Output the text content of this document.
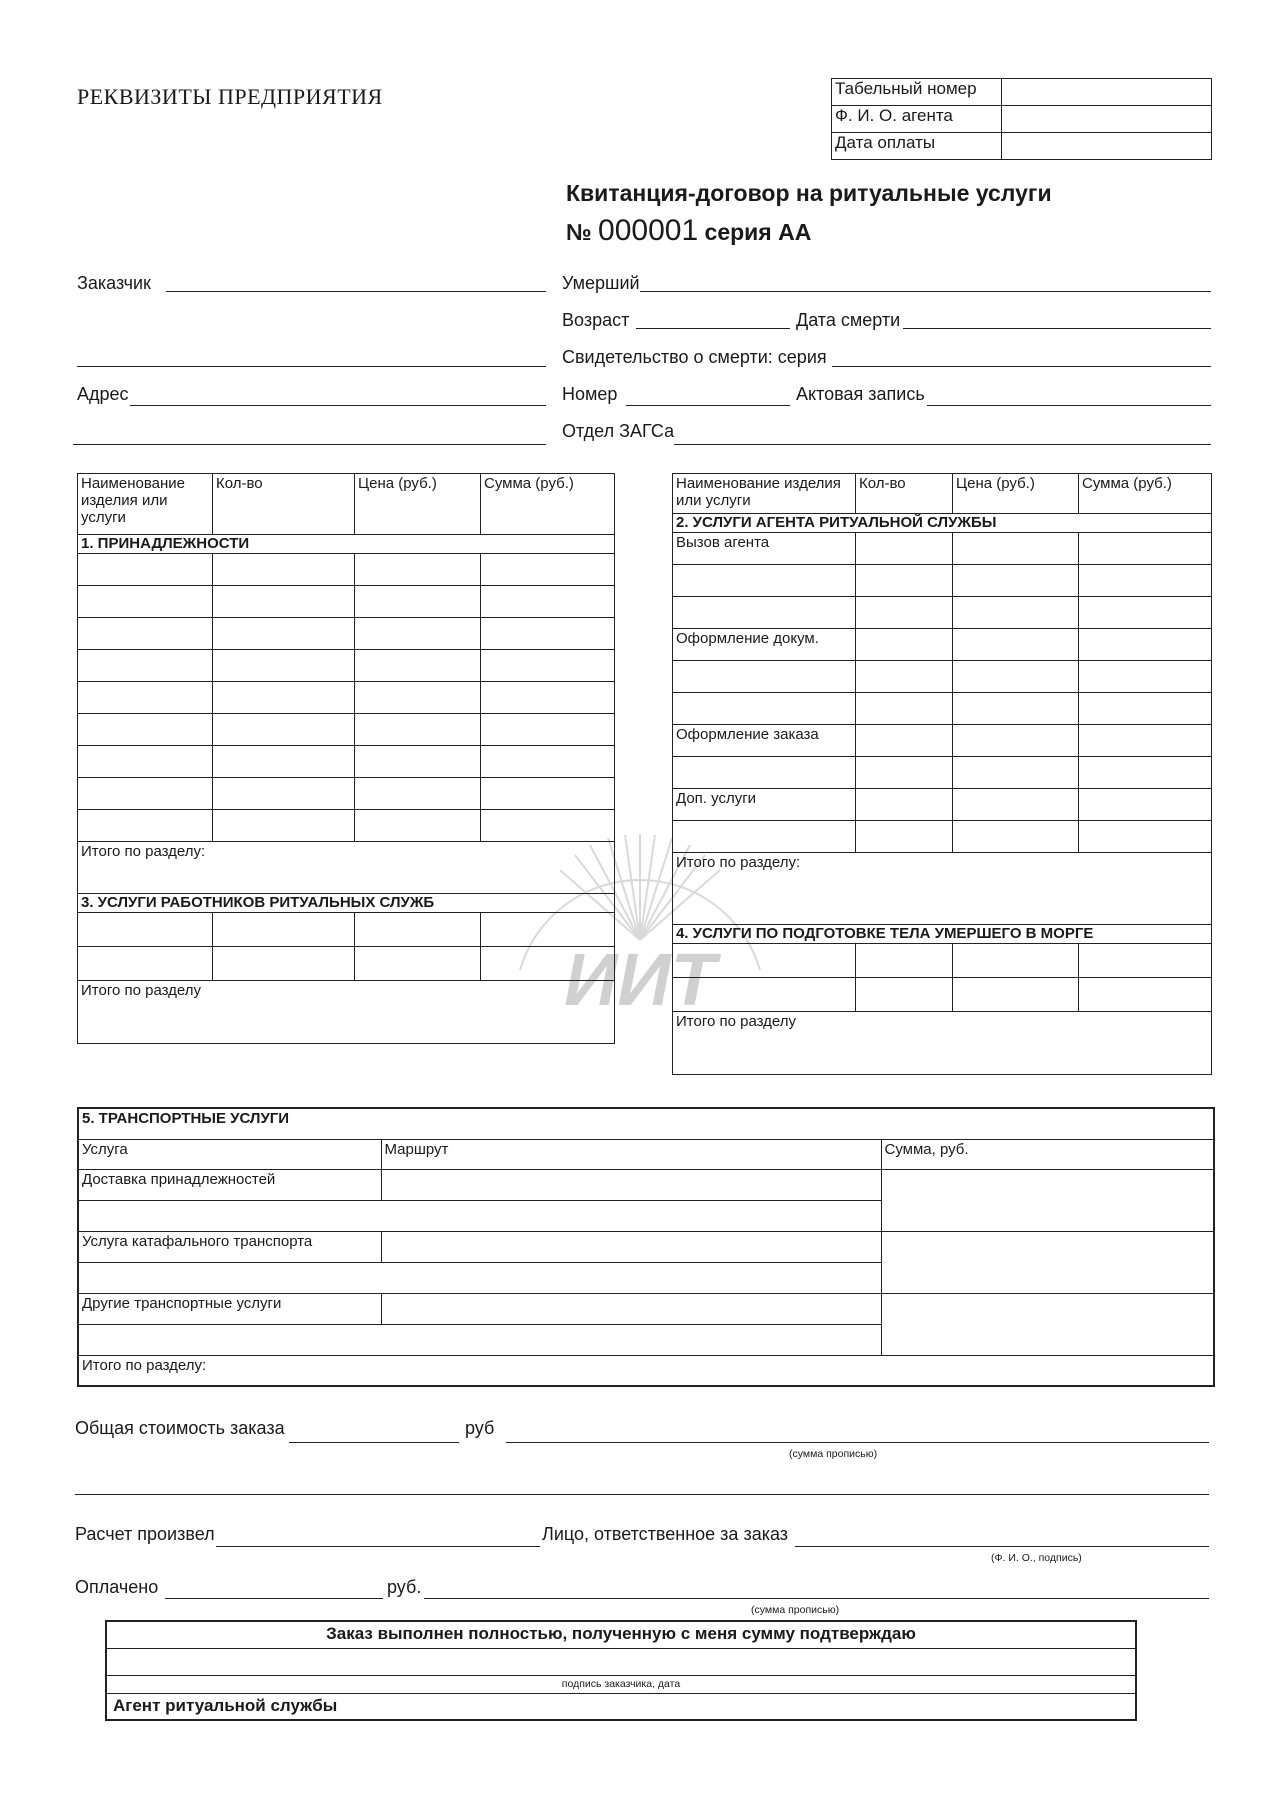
ИИТ
РЕКВИЗИТЫ ПРЕДПРИЯТИЯ	Табельный номер	
Ф. И. О. агента	
Дата оплаты	
Квитанция-договор на ритуальные услуги
№ 000001 серия АА
Заказчик
Адрес
Умерший
Возраст	Дата смерти
Свидетельство о смерти: серия
Номер	Актовая запись
Отдел ЗАГСа
Наименование изделия или услуги	Кол-во	Цена (руб.)	Сумма (руб.)
1. ПРИНАДЛЕЖНОСТИ			

Итого по разделу:			
3. УСЛУГИ РАБОТНИКОВ РИТУАЛЬНЫХ СЛУЖБ			

Итого по разделу			
Наименование изделия или услуги	Кол-во	Цена (руб.)	Сумма (руб.)
2. УСЛУГИ АГЕНТА РИТУАЛЬНОЙ СЛУЖБЫ			
Вызов агента			

Оформление докум.			

Оформление заказа			

Доп. услуги			

Итого по разделу:			
4. УСЛУГИ ПО ПОДГОТОВКЕ ТЕЛА УМЕРШЕГО В МОРГЕ			

Итого по разделу			
5. ТРАНСПОРТНЫЕ УСЛУГИ		
Услуга	Маршрут	Сумма, руб.
Доставка принадлежностей		

Услуга катафального транспорта		

Другие транспортные услуги		

Итого по разделу:		
Общая стоимость заказа	руб
(сумма прописью)
Расчет произвел	Лицо, ответственное за заказ
(Ф. И. О., подпись)
Оплачено	руб.
(сумма прописью)
Заказ выполнен полностью, полученную с меня сумму подтверждаю

подпись заказчика, дата
Агент ритуальной службы
